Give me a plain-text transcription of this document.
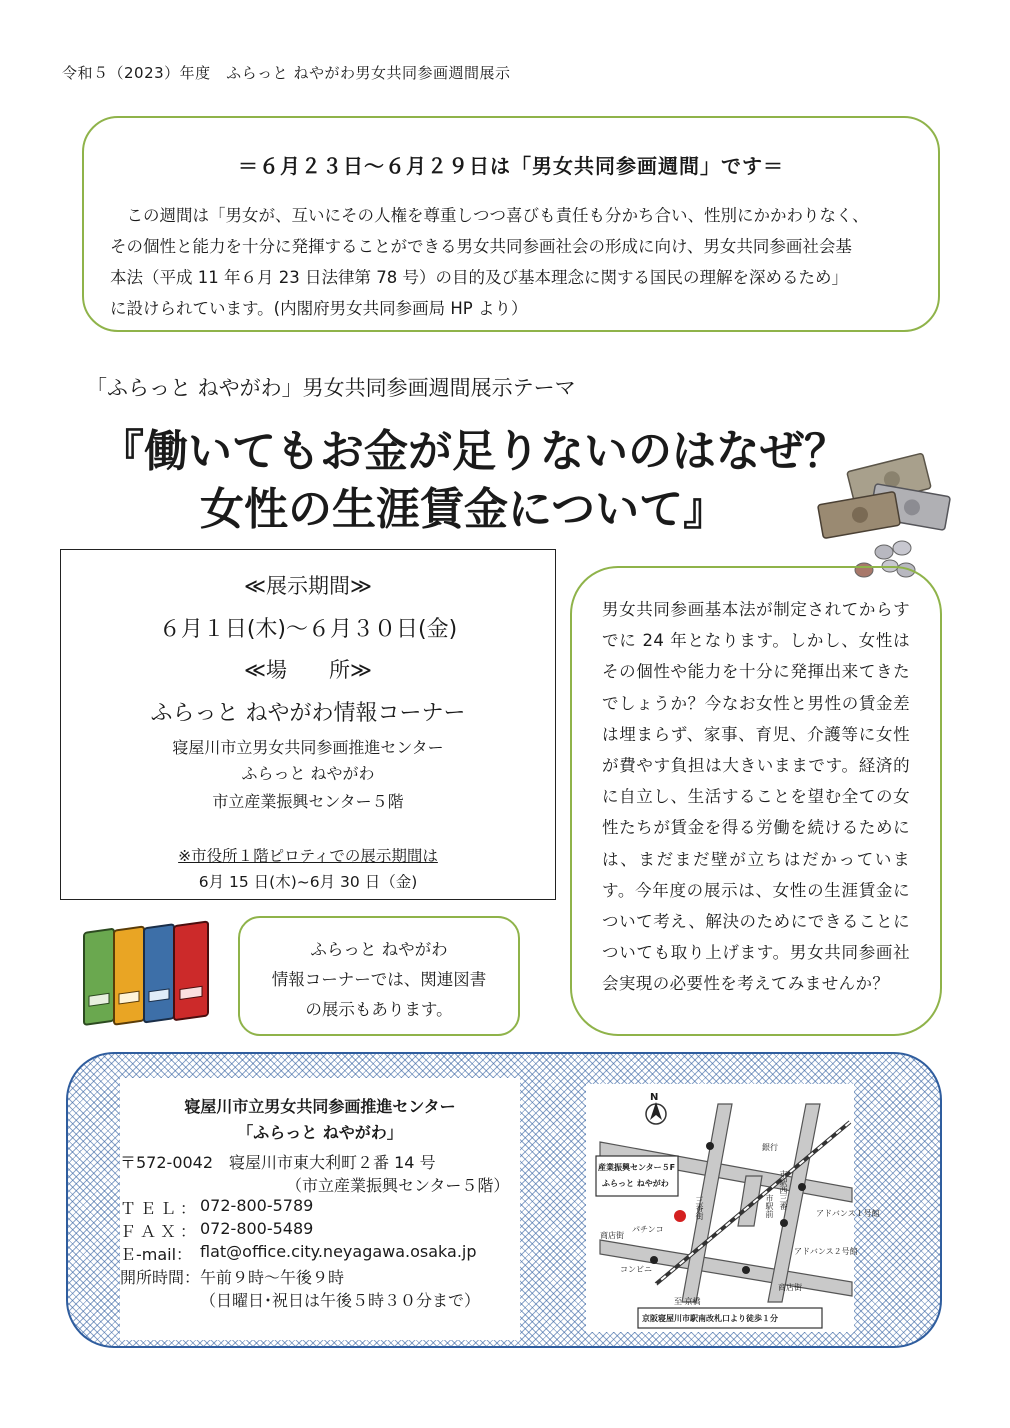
令和５（2023）年度　ふらっと ねやがわ男女共同参画週間展示
＝６月２３日～６月２９日は「男女共同参画週間」です＝
　この週間は「男女が、互いにその人権を尊重しつつ喜びも責任も分かち合い、性別にかかわりなく、
その個性と能力を十分に発揮することができる男女共同参画社会の形成に向け、男女共同参画社会基
本法（平成 11 年６月 23 日法律第 78 号）の目的及び基本理念に関する国民の理解を深めるため」
に設けられています。(内閣府男女共同参画局 HP より）
「ふらっと ねやがわ」男女共同参画週間展示テーマ
『働いてもお金が足りないのはなぜ？
女性の生涯賃金について』
≪展示期間≫
６月１日(木)～６月３０日(金)
≪場　　所≫
ふらっと ねやがわ情報コーナー
寝屋川市立男女共同参画推進センター
ふらっと ねやがわ
市立産業振興センター５階
※市役所１階ピロティでの展示期間は
6月 15 日(木)~6月 30 日（金)
男女共同参画基本法が制定されてからすでに 24 年となります。しかし、女性はその個性や能力を十分に発揮出来てきたでしょうか？今なお女性と男性の賃金差は埋まらず、家事、育児、介護等に女性が費やす負担は大きいままです。経済的に自立し、生活することを望む全ての女性たちが賃金を得る労働を続けるためには、まだまだ壁が立ちはだかっています。今年度の展示は、女性の生涯賃金について考え、解決のためにできることについても取り上げます。男女共同参画社会実現の必要性を考えてみませんか？
ふらっと ねやがわ
情報コーナーでは、関連図書
の展示もあります。
寝屋川市立男女共同参画推進センター
「ふらっと ねやがわ」
〒572-0042　寝屋川市東大利町２番 14 号
（市立産業振興センター５階）
ＴＥＬ： 072-800-5789
ＦＡＸ： 072-800-5489
Ｅ-mail： flat@office.city.neyagawa.osaka.jp
開所時間： 午前９時～午後９時
（日曜日･祝日は午後５時３０分まで）
N
銀行
産業振興センター５F
ふらっと ねやがわ
パチンコ
商店街
コンビニ
商店街
至 京橋
アドバンス１号館
アドバンス２号館
三番街	市駅西三番
市駅前
京阪寝屋川市駅南改札口より徒歩１分
